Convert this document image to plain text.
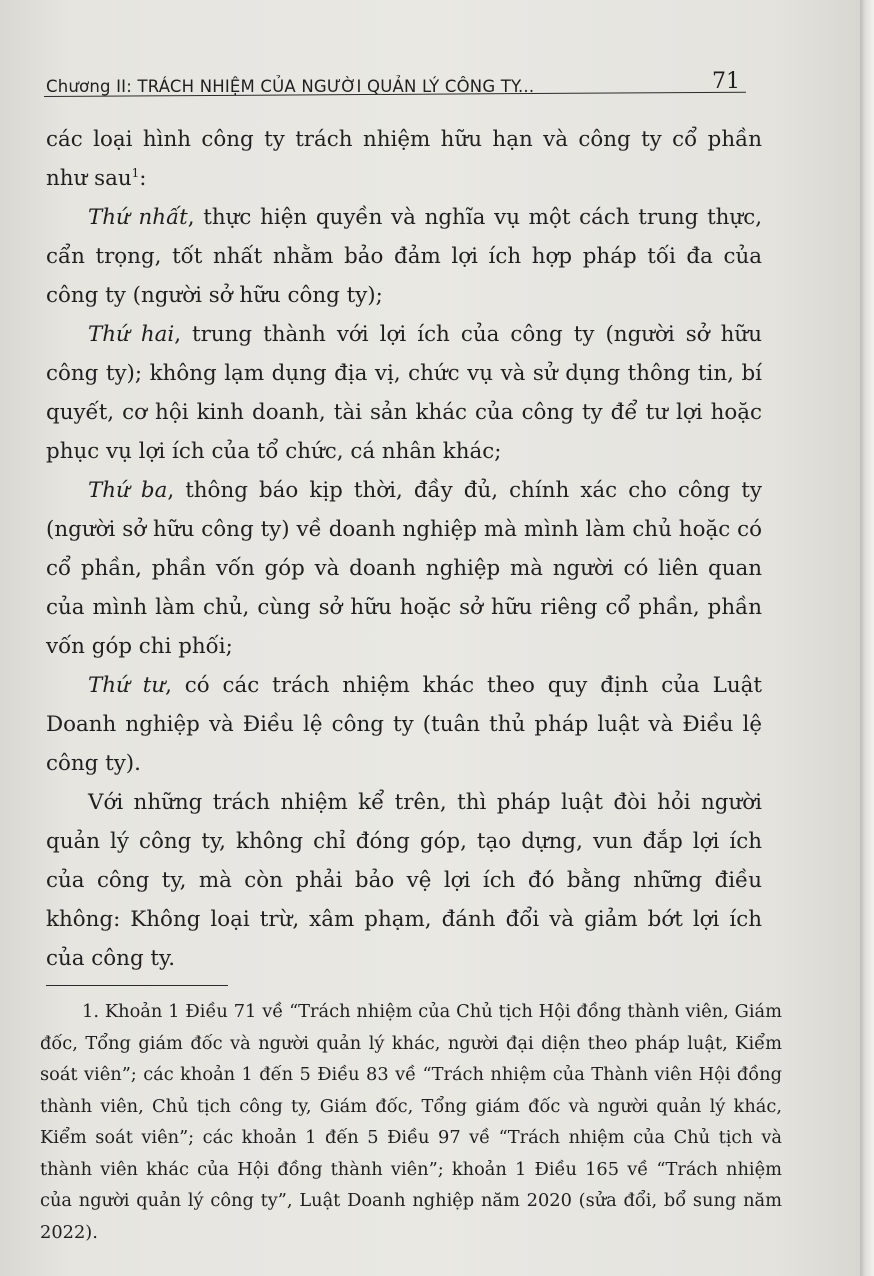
Chương II: TRÁCH NHIỆM CỦA NGƯỜI QUẢN LÝ CÔNG TY...	71

các loại hình công ty trách nhiệm hữu hạn và công ty cổ phần như sau$^1$:

Thứ nhất, thực hiện quyền và nghĩa vụ một cách trung thực, cẩn trọng, tốt nhất nhằm bảo đảm lợi ích hợp pháp tối đa của công ty (người sở hữu công ty);

Thứ hai, trung thành với lợi ích của công ty (người sở hữu công ty); không lạm dụng địa vị, chức vụ và sử dụng thông tin, bí quyết, cơ hội kinh doanh, tài sản khác của công ty để tư lợi hoặc phục vụ lợi ích của tổ chức, cá nhân khác;

Thứ ba, thông báo kịp thời, đầy đủ, chính xác cho công ty (người sở hữu công ty) về doanh nghiệp mà mình làm chủ hoặc có cổ phần, phần vốn góp và doanh nghiệp mà người có liên quan của mình làm chủ, cùng sở hữu hoặc sở hữu riêng cổ phần, phần vốn góp chi phối;

Thứ tư, có các trách nhiệm khác theo quy định của Luật Doanh nghiệp và Điều lệ công ty (tuân thủ pháp luật và Điều lệ công ty).

Với những trách nhiệm kể trên, thì pháp luật đòi hỏi người quản lý công ty, không chỉ đóng góp, tạo dựng, vun đắp lợi ích của công ty, mà còn phải bảo vệ lợi ích đó bằng những điều không: Không loại trừ, xâm phạm, đánh đổi và giảm bớt lợi ích của công ty.

1. Khoản 1 Điều 71 về “Trách nhiệm của Chủ tịch Hội đồng thành viên, Giám đốc, Tổng giám đốc và người quản lý khác, người đại diện theo pháp luật, Kiểm soát viên”; các khoản 1 đến 5 Điều 83 về “Trách nhiệm của Thành viên Hội đồng thành viên, Chủ tịch công ty, Giám đốc, Tổng giám đốc và người quản lý khác, Kiểm soát viên”; các khoản 1 đến 5 Điều 97 về “Trách nhiệm của Chủ tịch và thành viên khác của Hội đồng thành viên”; khoản 1 Điều 165 về “Trách nhiệm của người quản lý công ty”, Luật Doanh nghiệp năm 2020 (sửa đổi, bổ sung năm 2022).
